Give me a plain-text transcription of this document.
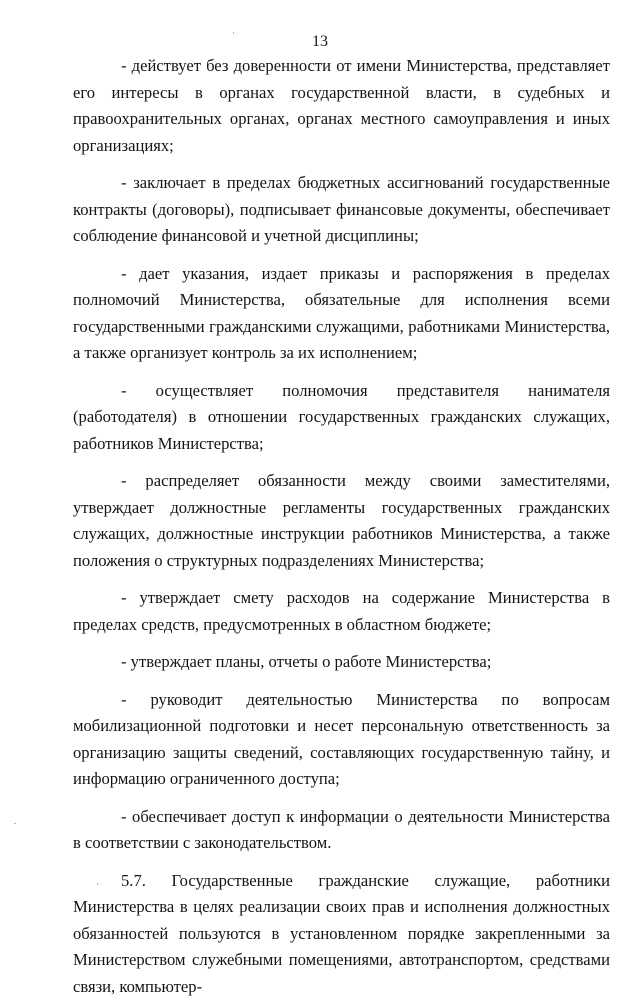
13

- действует без доверенности от имени Министерства, представляет его интересы в органах государственной власти, в судебных и правоохранительных органах, органах местного самоуправления и иных организациях;

- заключает в пределах бюджетных ассигнований государственные контракты (договоры), подписывает финансовые документы, обеспечивает соблюдение финансовой и учетной дисциплины;

- дает указания, издает приказы и распоряжения в пределах полномочий Министерства, обязательные для исполнения всеми государственными гражданскими служащими, работниками Министерства, а также организует контроль за их исполнением;

- осуществляет полномочия представителя нанимателя (работодателя) в отношении государственных гражданских служащих, работников Министерства;

- распределяет обязанности между своими заместителями, утверждает должностные регламенты государственных гражданских служащих, должностные инструкции работников Министерства, а также положения о структурных подразделениях Министерства;

- утверждает смету расходов на содержание Министерства в пределах средств, предусмотренных в областном бюджете;

- утверждает планы, отчеты о работе Министерства;

- руководит деятельностью Министерства по вопросам мобилизационной подготовки и несет персональную ответственность за организацию защиты сведений, составляющих государственную тайну, и информацию ограниченного доступа;

- обеспечивает доступ к информации о деятельности Министерства в соответствии с законодательством.

5.7. Государственные гражданские служащие, работники Министерства в целях реализации своих прав и исполнения должностных обязанностей пользуются в установленном порядке закрепленными за Министерством служебными помещениями, автотранспортом, средствами связи, компьютер-
